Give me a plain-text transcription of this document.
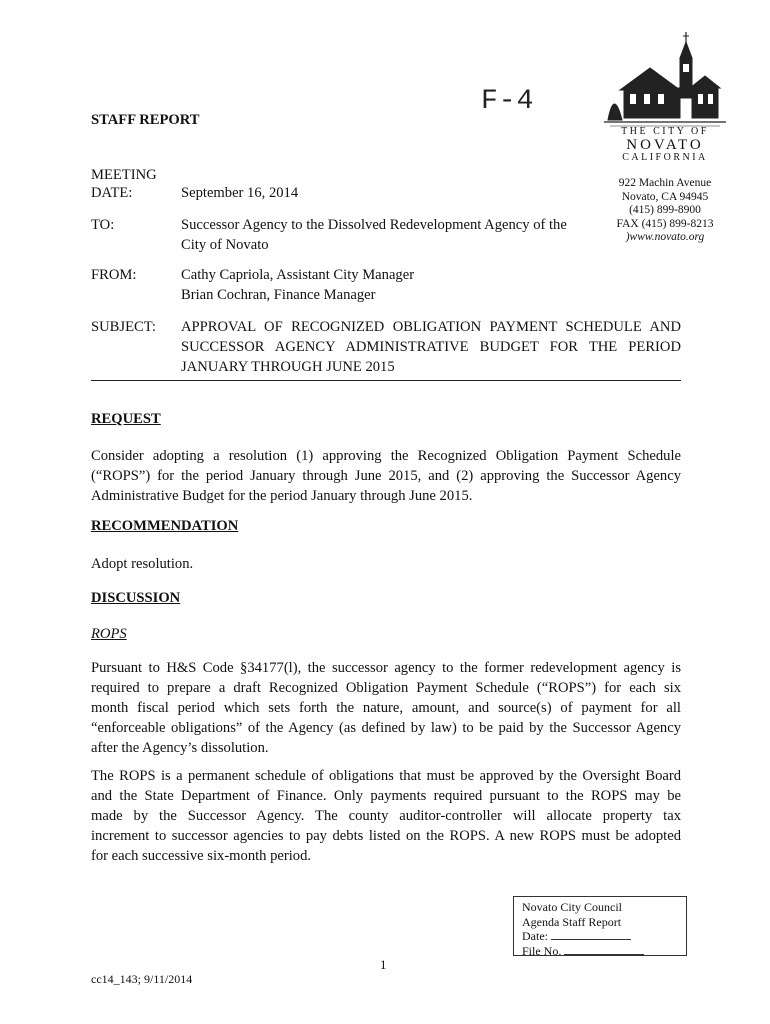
F-4
STAFF REPORT
THE CITY OF
NOVATO
CALIFORNIA
922 Machin Avenue
Novato, CA 94945
(415) 899-8900
FAX (415) 899-8213
)www.novato.org
MEETING
DATE:	September 16, 2014
TO:	Successor Agency to the Dissolved Redevelopment Agency of the
City of Novato
FROM:	Cathy Capriola, Assistant City Manager
Brian Cochran, Finance Manager
SUBJECT: APPROVAL OF RECOGNIZED OBLIGATION PAYMENT SCHEDULE AND
SUCCESSOR AGENCY ADMINISTRATIVE BUDGET FOR THE PERIOD
JANUARY THROUGH JUNE 2015
REQUEST
Consider adopting a resolution (1) approving the Recognized Obligation Payment Schedule
(“ROPS”) for the period January through June 2015, and (2) approving the Successor Agency
Administrative Budget for the period January through June 2015.
RECOMMENDATION
Adopt resolution.
DISCUSSION
ROPS
Pursuant to H&S Code §34177(l), the successor agency to the former redevelopment agency is
required to prepare a draft Recognized Obligation Payment Schedule (“ROPS”) for each six
month fiscal period which sets forth the nature, amount, and source(s) of payment for all
“enforceable obligations” of the Agency (as defined by law) to be paid by the Successor Agency
after the Agency’s dissolution.
The ROPS is a permanent schedule of obligations that must be approved by the Oversight Board
and the State Department of Finance. Only payments required pursuant to the ROPS may be
made by the Successor Agency. The county auditor-controller will allocate property tax
increment to successor agencies to pay debts listed on the ROPS. A new ROPS must be adopted
for each successive six-month period.
Novato City Council
Agenda Staff Report
Date:
File No.
1
cc14_143; 9/11/2014
